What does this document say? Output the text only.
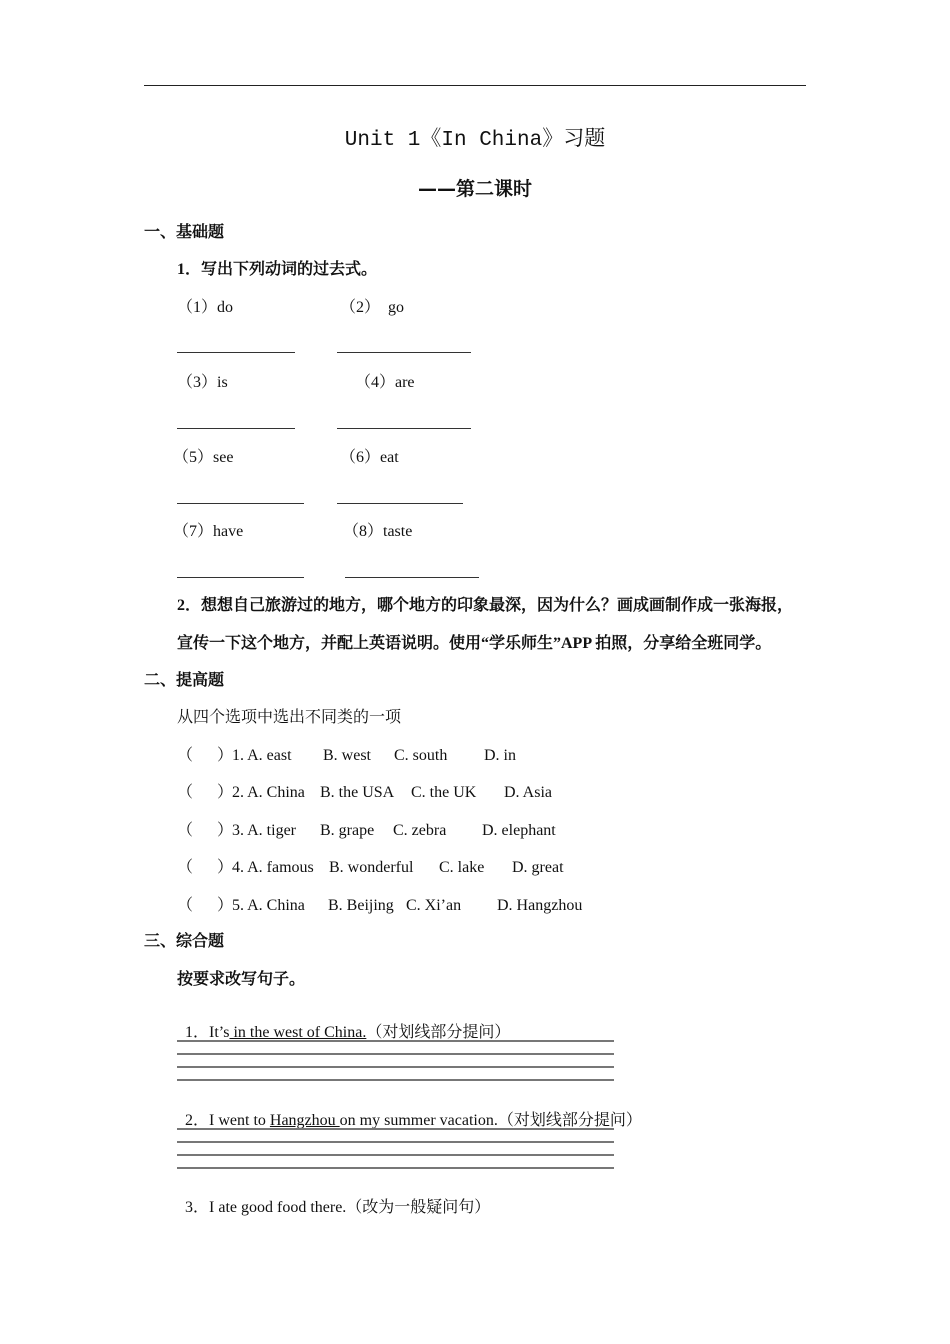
Unit 1《In China》习题
——第二课时
一、基础题
1．写出下列动词的过去式。
（1）do	（2）  go
（3）is	（4）are
（5）see	（6）eat
（7）have	（8）taste
2．想想自己旅游过的地方，哪个地方的印象最深，因为什么？画成画制作成一张海报，
宣传一下这个地方，并配上英语说明。使用“学乐师生”APP 拍照，分享给全班同学。
二、提高题
从四个选项中选出不同类的一项
（      ）
1. A. east B. west C. south D. in
（      ）
2. A. China B. the USA C. the UK D. Asia
（      ）
3. A. tiger B. grape C. zebra D. elephant
（      ）
4. A. famous B. wonderful C. lake D. great
（      ）
5. A. China B. Beijing C. Xi’an D. Hangzhou
三、综合题
按要求改写句子。

1．It’s in the west of China.（对划线部分提问）

2．I went to Hangzhou on my summer vacation.（对划线部分提问）

3．I ate good food there.（改为一般疑问句）
